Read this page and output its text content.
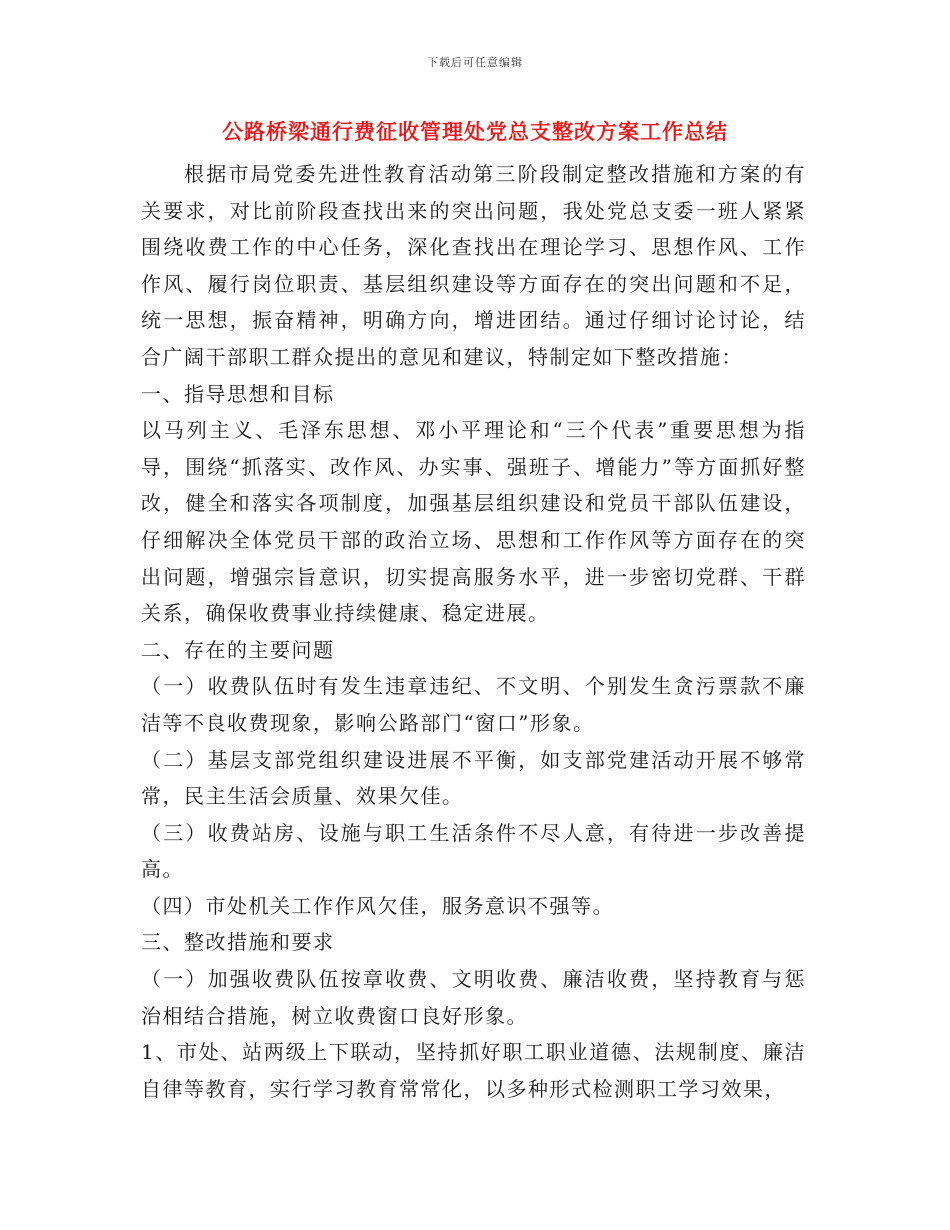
下载后可任意编辑
公路桥梁通行费征收管理处党总支整改方案工作总结

根据市局党委先进性教育活动第三阶段制定整改措施和方案的有关要求，对比前阶段查找出来的突出问题，我处党总支委一班人紧紧围绕收费工作的中心任务，深化查找出在理论学习、思想作风、工作作风、履行岗位职责、基层组织建设等方面存在的突出问题和不足，统一思想，振奋精神，明确方向，增进团结。通过仔细讨论讨论，结合广阔干部职工群众提出的意见和建议，特制定如下整改措施：

一、指导思想和目标

以马列主义、毛泽东思想、邓小平理论和“三个代表”重要思想为指导，围绕“抓落实、改作风、办实事、强班子、增能力”等方面抓好整改，健全和落实各项制度，加强基层组织建设和党员干部队伍建设，仔细解决全体党员干部的政治立场、思想和工作作风等方面存在的突出问题，增强宗旨意识，切实提高服务水平，进一步密切党群、干群关系，确保收费事业持续健康、稳定进展。

二、存在的主要问题

（一）收费队伍时有发生违章违纪、不文明、个别发生贪污票款不廉洁等不良收费现象，影响公路部门“窗口”形象。

（二）基层支部党组织建设进展不平衡，如支部党建活动开展不够常常，民主生活会质量、效果欠佳。

（三）收费站房、设施与职工生活条件不尽人意，有待进一步改善提高。

（四）市处机关工作作风欠佳，服务意识不强等。

三、整改措施和要求

（一）加强收费队伍按章收费、文明收费、廉洁收费，坚持教育与惩治相结合措施，树立收费窗口良好形象。

1、市处、站两级上下联动，坚持抓好职工职业道德、法规制度、廉洁自律等教育，实行学习教育常常化，以多种形式检测职工学习效果，
